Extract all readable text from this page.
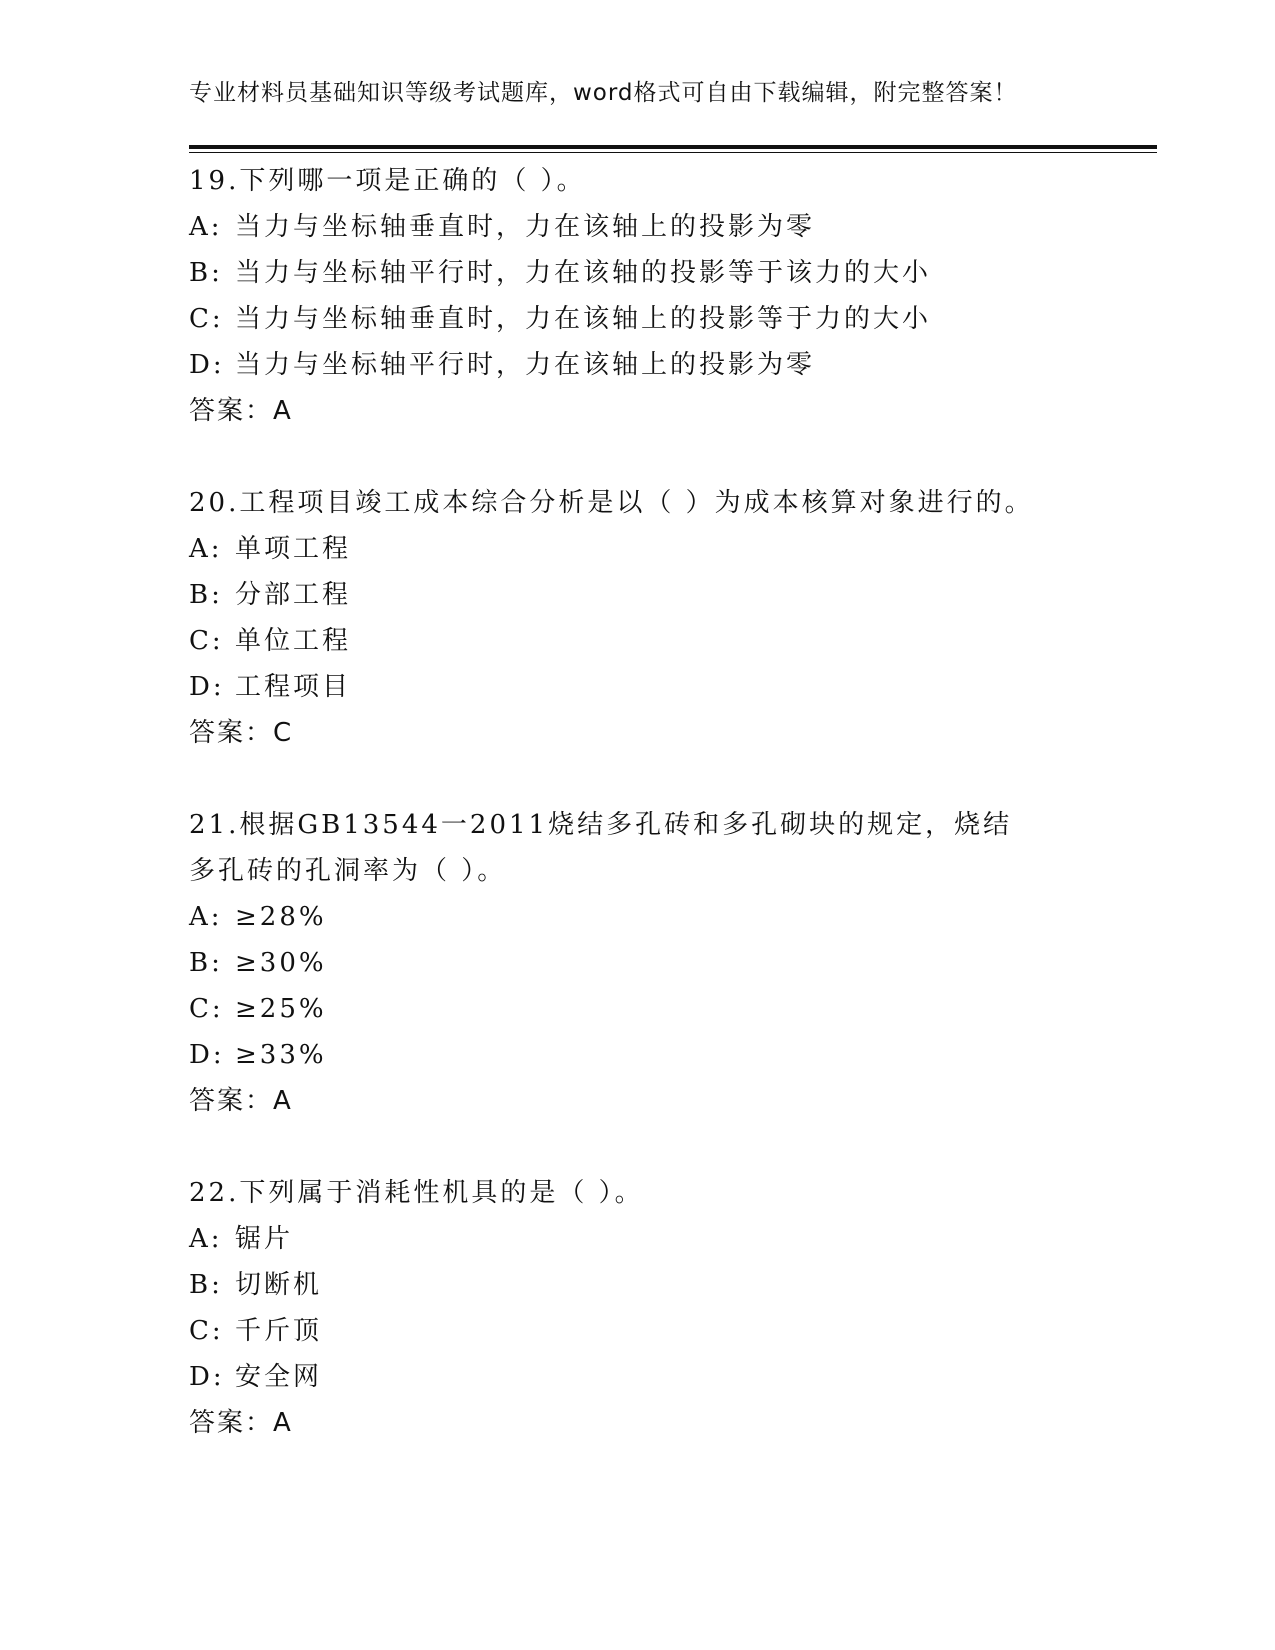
专业材料员基础知识等级考试题库，word格式可自由下载编辑，附完整答案！

19.下列哪一项是正确的（ ）。

A: 当力与坐标轴垂直时，力在该轴上的投影为零

B: 当力与坐标轴平行时，力在该轴的投影等于该力的大小

C: 当力与坐标轴垂直时，力在该轴上的投影等于力的大小

D: 当力与坐标轴平行时，力在该轴上的投影为零

答案：A

20.工程项目竣工成本综合分析是以（ ）为成本核算对象进行的。

A: 单项工程

B: 分部工程

C: 单位工程

D: 工程项目

答案：C

21.根据GB13544一2011烧结多孔砖和多孔砌块的规定，烧结多孔砖的孔洞率为（ ）。

A: ≥28%

B: ≥30%

C: ≥25%

D: ≥33%

答案：A

22.下列属于消耗性机具的是（ ）。

A: 锯片

B: 切断机

C: 千斤顶

D: 安全网

答案：A
